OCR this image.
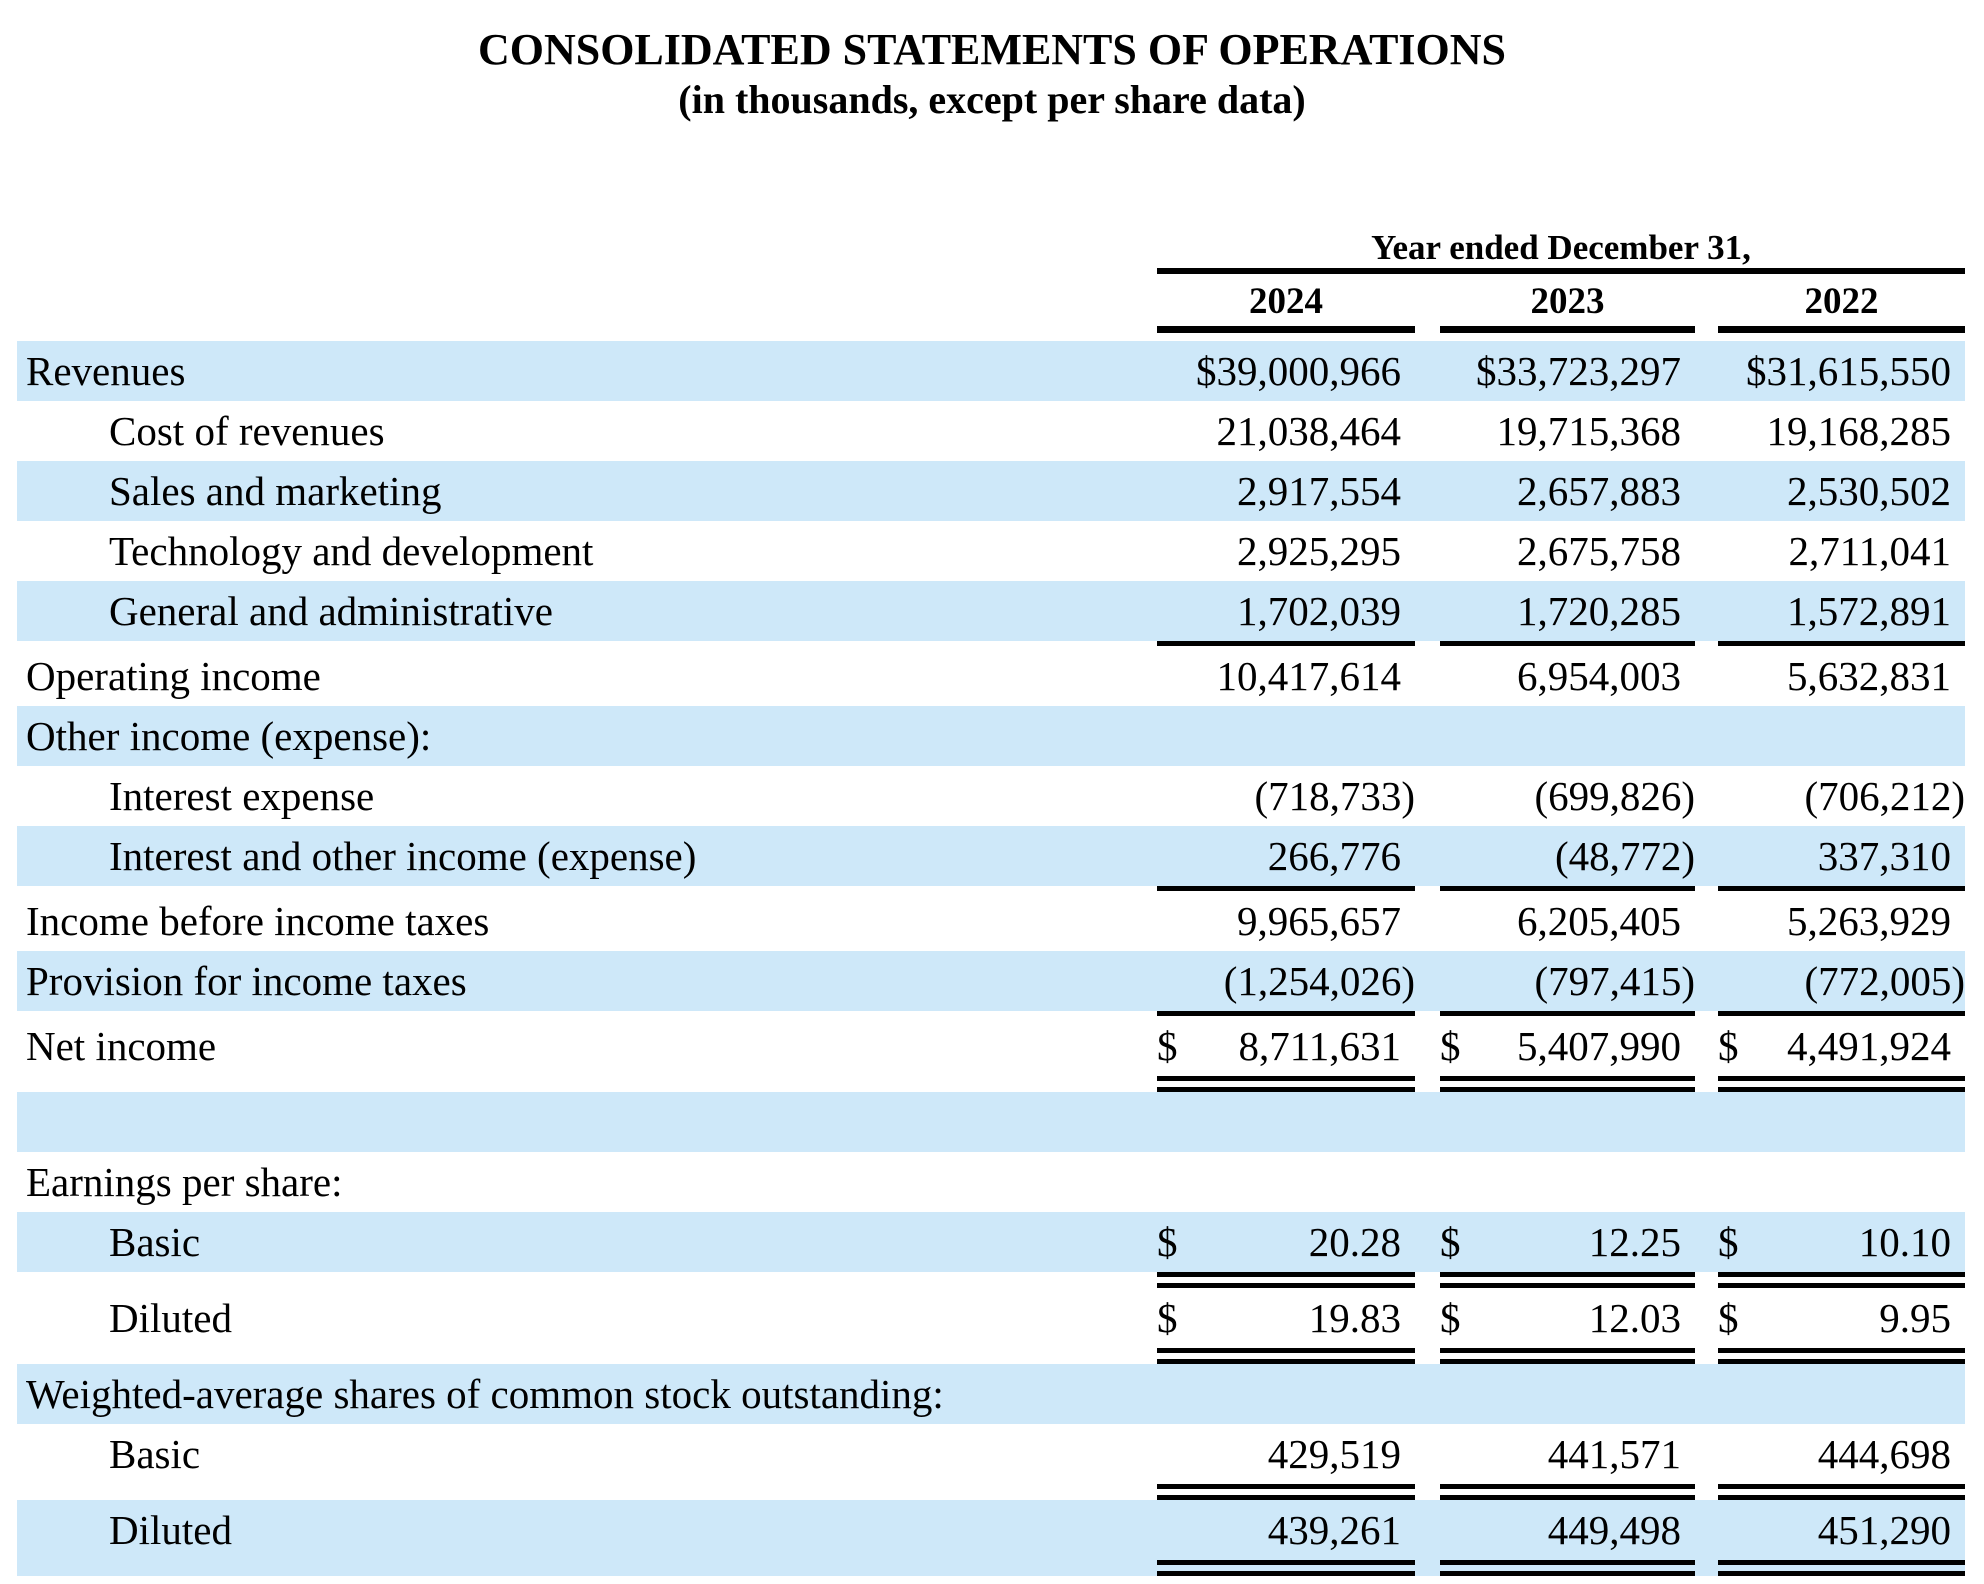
CONSOLIDATED STATEMENTS OF OPERATIONS
(in thousands, except per share data)
Year ended December 31,
2024	2023	2022
Revenues	$39,000,966 $33,723,297 $31,615,550
Cost of revenues	21,038,464 19,715,368 19,168,285
Sales and marketing	2,917,554	2,657,883	2,530,502
Technology and development	2,925,295	2,675,758	2,711,041
General and administrative	1,702,039	1,720,285	1,572,891
Operating income	10,417,614	6,954,003	5,632,831
Other income (expense):
Interest expense	(718,733)	(699,826)	(706,212)
Interest and other income (expense)	266,776	(48,772)	337,310
Income before income taxes	9,965,657	6,205,405	5,263,929
Provision for income taxes	(1,254,026)	(797,415)	(772,005)
Net income	$ 8,711,631 $ 5,407,990 $ 4,491,924
Earnings per share:
Basic	$	20.28 $	12.25 $	10.10
Diluted	$	19.83 $	12.03 $	9.95
Weighted-average shares of common stock outstanding:
Basic	429,519	441,571	444,698
Diluted	439,261	449,498	451,290
